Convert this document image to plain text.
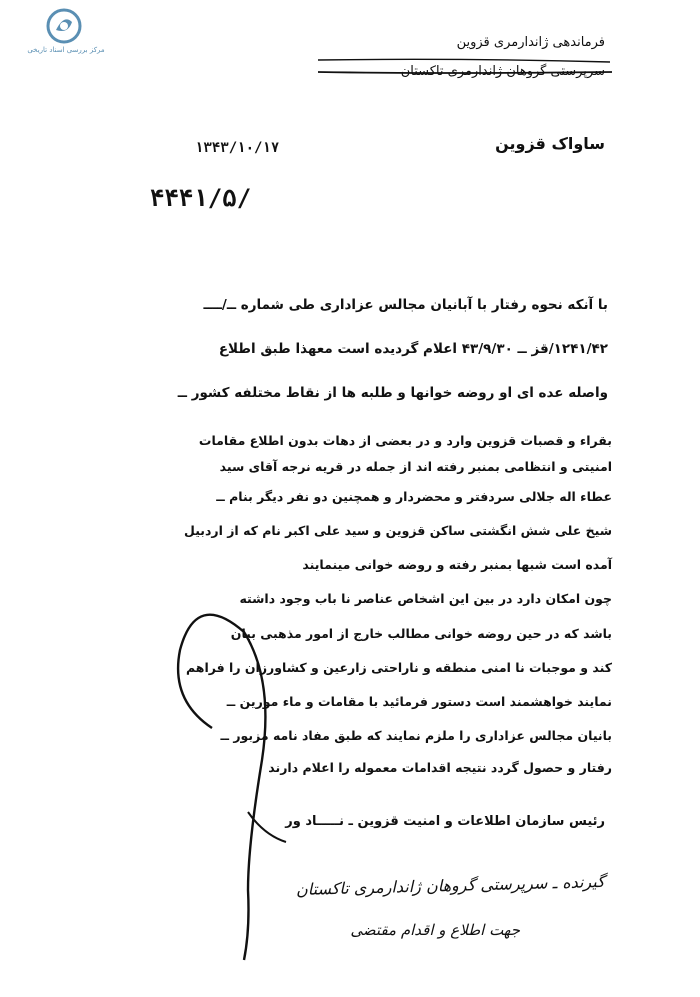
مرکز بررسی اسناد تاریخی	فرماندهی ژاندارمری قزوین
سرپرستی گروهان ژاندارمری تاکستان
ساواک قزوین
۱۳۴۳/۱۰/۱۷
۴۴۴۱/۵/
با آنکه نحوه رفتار با آبانیان مجالس عزاداری طی شماره ــ/ــــ
۱۲۴۱/۴۲/قز ــ ۴۳/۹/۳۰ اعلام گردیده است معهذا طبق اطلاع
واصله عده ای او روضه خوانها و طلبه ها از نقاط مختلفه کشور ــ
بقراء و قصبات قزوین وارد و در بعضی از دهات بدون اطلاع مقامات
امنیتی و انتظامی بمنبر رفته اند از جمله در قریه نرجه آقای سید
عطاء اله جلالی سردفتر و محضردار و همچنین دو نفر دیگر بنام ــ
شیخ علی شش انگشتی ساکن قزوین و سید علی اکبر نام که از اردبیل
آمده است شبها بمنبر رفته و روضه خوانی مینمایند
چون امکان دارد در بین این اشخاص عناصر نا باب وجود داشته
باشد که در حین روضه خوانی مطالب خارج از امور مذهبی بیان
کند و موجبات نا امنی منطقه و ناراحتی زارعین و کشاورزان را فراهم
نمایند خواهشمند است دستور فرمائید با مقامات و ماء مورین ــ
بانیان مجالس عزاداری را ملزم نمایند که طبق مفاد نامه مزبور ــ
رفتار و حصول گردد نتیجه اقدامات معموله را اعلام دارند
رئیس سازمان اطلاعات و امنیت قزوین ـ نـــــاد ور
گیرنده ـ سرپرستی گروهان ژاندارمری تاکستان
جهت اطلاع و اقدام مقتضی
